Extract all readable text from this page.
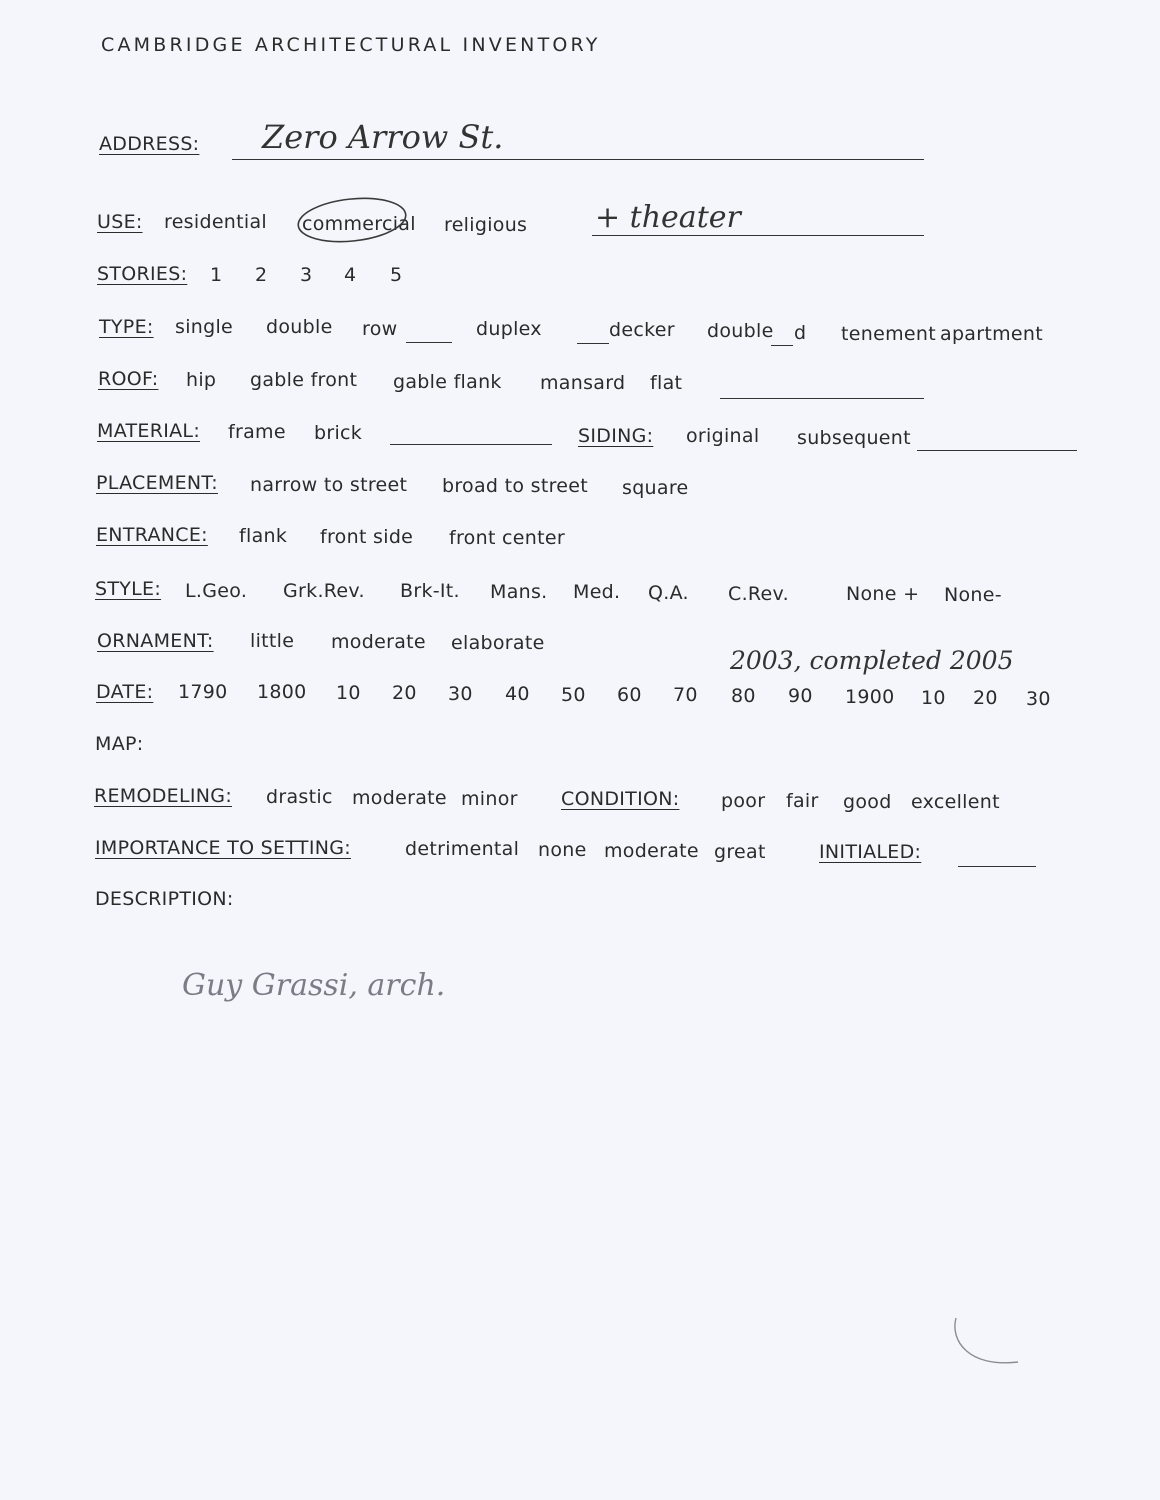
CAMBRIDGE ARCHITECTURAL INVENTORY
ADDRESS: Zero Arrow St.
USE: residential commercial religious + theater
STORIES: 1 2 3 4 5
TYPE: single double row	duplex	decker double d tenement apartment
ROOF: hip gable front gable flank mansard flat
MATERIAL: frame brick	SIDING: original subsequent
PLACEMENT: narrow to street broad to street square
ENTRANCE: flank front side front center
STYLE: L.Geo. Grk.Rev. Brk-It. Mans. Med. Q.A. C.Rev.	None + None-
ORNAMENT: little moderate elaborate
DATE: 1790 1800 10 20 30 40 50 60 70 80 90 1900 10 20 30
2003, completed 2005
MAP:
REMODELING: drastic moderate minor CONDITION: poor fair good excellent
IMPORTANCE TO SETTING:	detrimental none moderate great	INITIALED:
DESCRIPTION:
Guy Grassi, arch.
